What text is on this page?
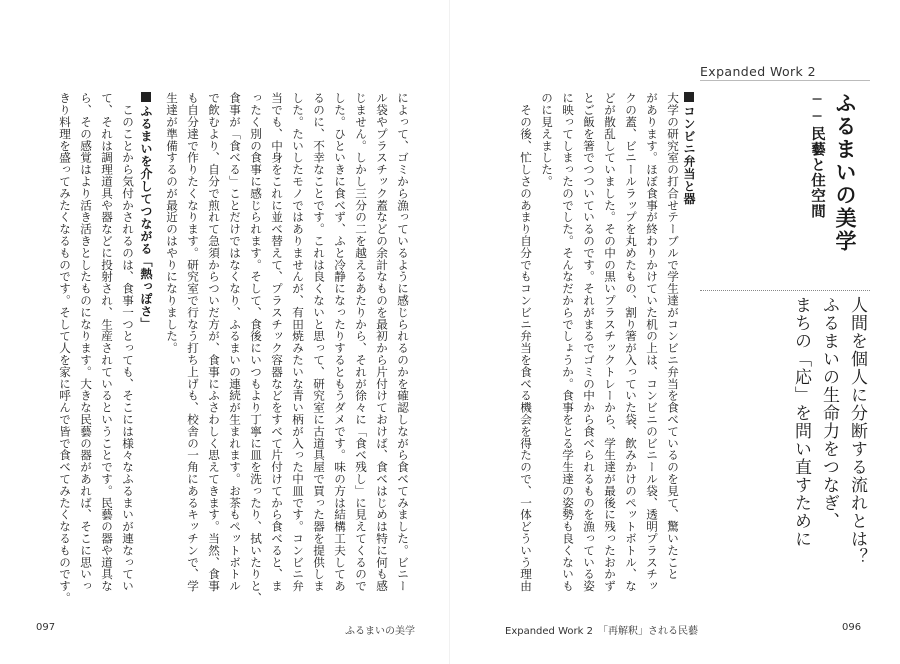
Expanded Work 2
ふるまいの美学
──民藝と住空間
人間を個人に分断する流れとは？
ふるまいの生命力をつなぎ、
まちの「応」を問い直すために
コンビニ弁当と器
大学の研究室の打合せテーブルで学生達がコンビニ弁当を食べているのを見て、驚いたこと
があります。ほぼ食事が終わりかけていた机の上は、コンビニのビニール袋、透明プラスチッ
クの蓋、ビニールラップを丸めたもの、割り箸が入っていた袋、飲みかけのペットボトル、な
どが散乱していました。その中の黒いプラスチックトレーから、学生達が最後に残ったおかず
とご飯を箸でつついているのです。それがまるでゴミの中から食べられるものを漁っている姿
に映ってしまったのでした。そんなだからでしょうか。食事をとる学生達の姿勢も良くないも
のに見えました。
　その後、忙しさのあまり自分でもコンビニ弁当を食べる機会を得たので、一体どういう理由
によって、ゴミから漁っているように感じられるのかを確認しながら食べてみました。ビニー
ル袋やプラスチック蓋などの余計なものを最初から片付けておけば、食べはじめは特に何も感
じません。しかし三分の二を越えるあたりから、それが徐々に「食べ残し」に見えてくるので
した。ひといきに食べず、ふと冷静になったりするともうダメです。味の方は結構工夫してあ
るのに、不幸なことです。これは良くないと思って、研究室に古道具屋で買った器を提供しま
した。たいしたモノではありませんが、有田焼みたいな青い柄が入った中皿です。コンビニ弁
当でも、中身をこれに並べ替えて、プラスチック容器などをすべて片付けてから食べると、ま
ったく別の食事に感じられます。そして、食後にいつもより丁寧に皿を洗ったり、拭いたりと、
食事が「食べる」ことだけではなくなり、ふるまいの連続が生まれます。お茶もペットボトル
で飲むより、自分で煎れて急須からついだ方が、食事にふさわしく思えてきます。当然、食事
も自分達で作りたくなります。研究室で行なう打ち上げも、校舎の一角にあるキッチンで、学
生達が準備するのが最近のはやりになりました。
ふるまいを介してつながる「熱っぽさ」
　このことから気付かされるのは、食事一つとっても、そこには様々なふるまいが連なってい
て、それは調理道具や器などに投射され、生産されているということです。民藝の器や道具な
ら、その感覚はより活き活きとしたものになります。大きな民藝の器があれば、そこに思いっ
きり料理を盛ってみたくなるものです。そして人を家に呼んで皆で食べてみたくなるものです。
097	ふるまいの美学	Expanded Work 2　 「再解釈」される民藝	096
